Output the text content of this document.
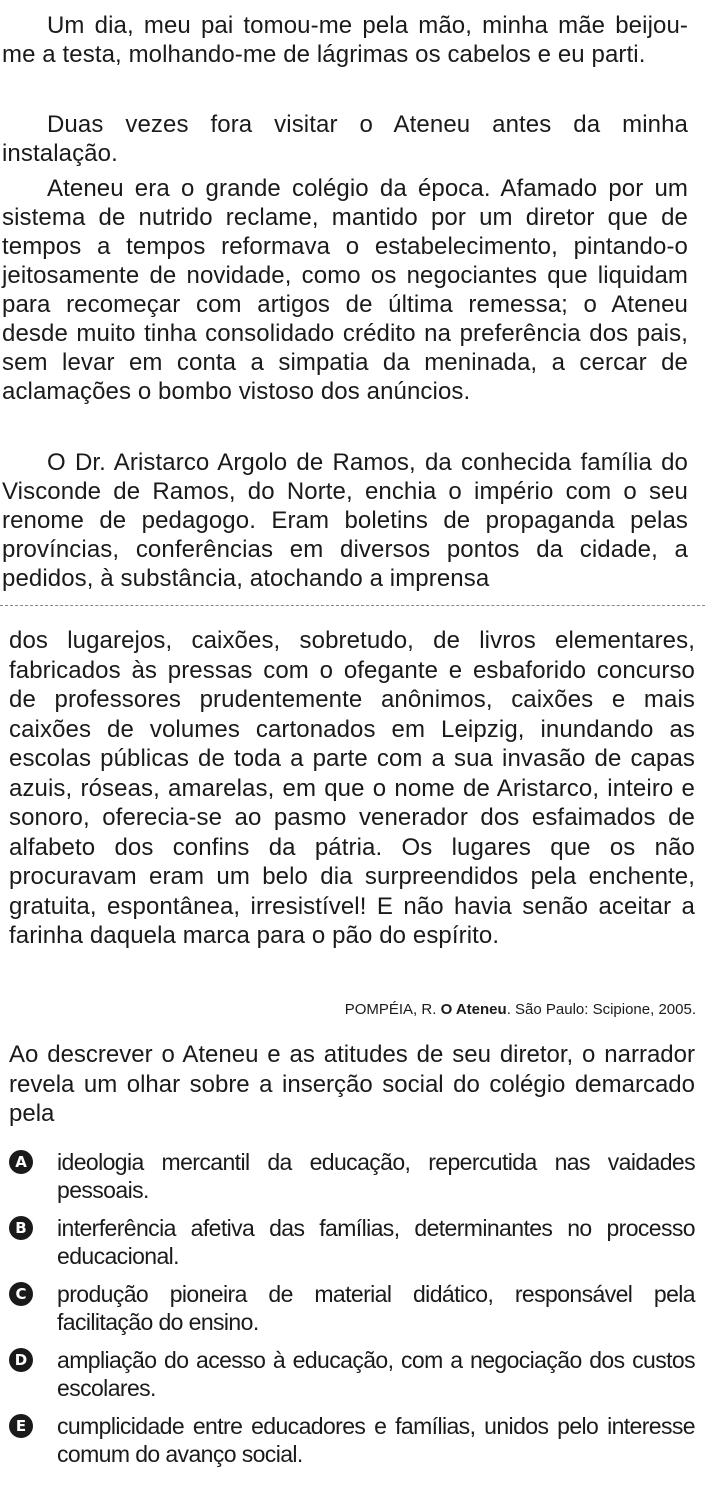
Um dia, meu pai tomou-me pela mão, minha mãe beijou-me a testa, molhando-me de lágrimas os cabelos e eu parti.

Duas vezes fora visitar o Ateneu antes da minha instalação.

Ateneu era o grande colégio da época. Afamado por um sistema de nutrido reclame, mantido por um diretor que de tempos a tempos reformava o estabelecimento, pintando-o jeitosamente de novidade, como os negociantes que liquidam para recomeçar com artigos de última remessa; o Ateneu desde muito tinha consolidado crédito na preferência dos pais, sem levar em conta a simpatia da meninada, a cercar de aclamações o bombo vistoso dos anúncios.

O Dr. Aristarco Argolo de Ramos, da conhecida família do Visconde de Ramos, do Norte, enchia o império com o seu renome de pedagogo. Eram boletins de propaganda pelas províncias, conferências em diversos pontos da cidade, a pedidos, à substância, atochando a imprensa

dos lugarejos, caixões, sobretudo, de livros elementares, fabricados às pressas com o ofegante e esbaforido concurso de professores prudentemente anônimos, caixões e mais caixões de volumes cartonados em Leipzig, inundando as escolas públicas de toda a parte com a sua invasão de capas azuis, róseas, amarelas, em que o nome de Aristarco, inteiro e sonoro, oferecia-se ao pasmo venerador dos esfaimados de alfabeto dos confins da pátria. Os lugares que os não procuravam eram um belo dia surpreendidos pela enchente, gratuita, espontânea, irresistível! E não havia senão aceitar a farinha daquela marca para o pão do espírito.

POMPÉIA, R. O Ateneu. São Paulo: Scipione, 2005.

Ao descrever o Ateneu e as atitudes de seu diretor, o narrador revela um olhar sobre a inserção social do colégio demarcado pela

A ideologia mercantil da educação, repercutida nas vaidades pessoais.
B interferência afetiva das famílias, determinantes no processo educacional.
C produção pioneira de material didático, responsável pela facilitação do ensino.
D ampliação do acesso à educação, com a negociação dos custos escolares.
E cumplicidade entre educadores e famílias, unidos pelo interesse comum do avanço social.
